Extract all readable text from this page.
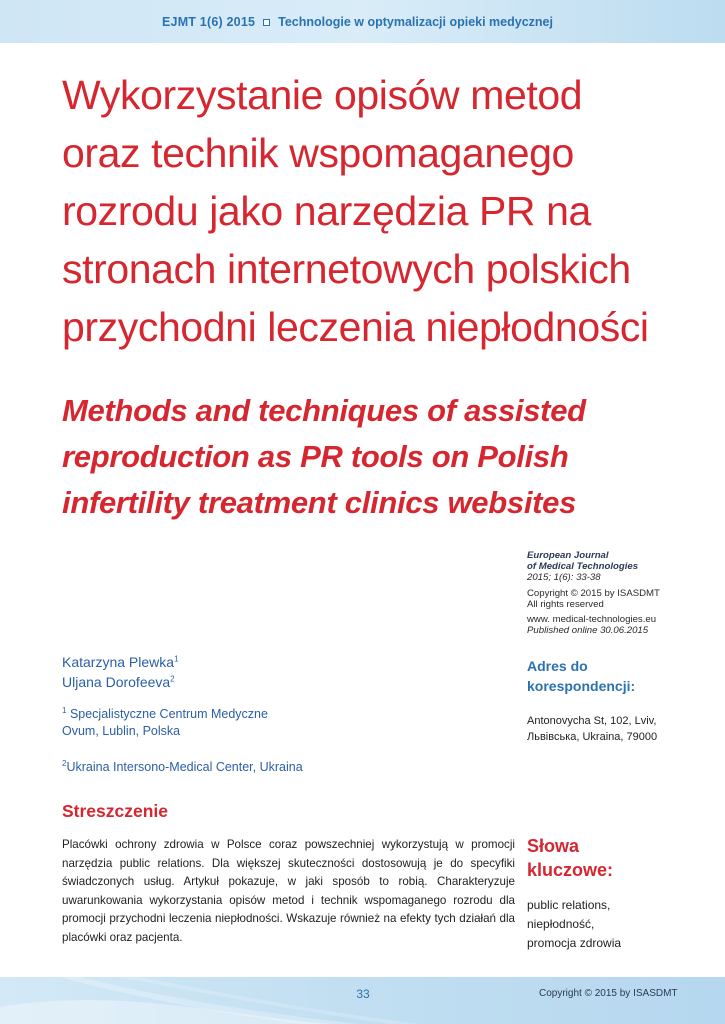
EJMT 1(6) 2015 Technologie w optymalizacji opieki medycznej
Wykorzystanie opisów metod
oraz technik wspomaganego
rozrodu jako narzędzia PR na
stronach internetowych polskich
przychodni leczenia niepłodności
Methods and techniques of assisted
reproduction as PR tools on Polish
infertility treatment clinics websites
European Journal
of Medical Technologies
2015; 1(6): 33-38
Copyright © 2015 by ISASDMT
All rights reserved
www. medical-technologies.eu
Published online 30.06.2015
Katarzyna Plewka$^1$
Uljana Dorofeeva$^2$
$^1$ Specjalistyczne Centrum Medyczne
Ovum, Lublin, Polska
$^2$Ukraina Intersono-Medical Center, Ukraina
Adres do
korespondencji:
Antonovycha St, 102, Lviv,
Львівська, Ukraina, 79000
Streszczenie

Placówki ochrony zdrowia w Polsce coraz powszechniej wykorzystują w promocji narzędzia public relations. Dla większej skuteczności dostosowują je do specyfiki świadczonych usług. Artykuł pokazuje, w jaki sposób to robią. Charakteryzuje uwarunkowania wykorzystania opisów metod i technik wspomaganego rozrodu dla promocji przychodni leczenia niepłodności. Wskazuje również na efekty tych działań dla placówki oraz pacjenta.

Słowa
kluczowe:
public relations,
niepłodność,
promocja zdrowia
33	Copyright © 2015 by ISASDMT
